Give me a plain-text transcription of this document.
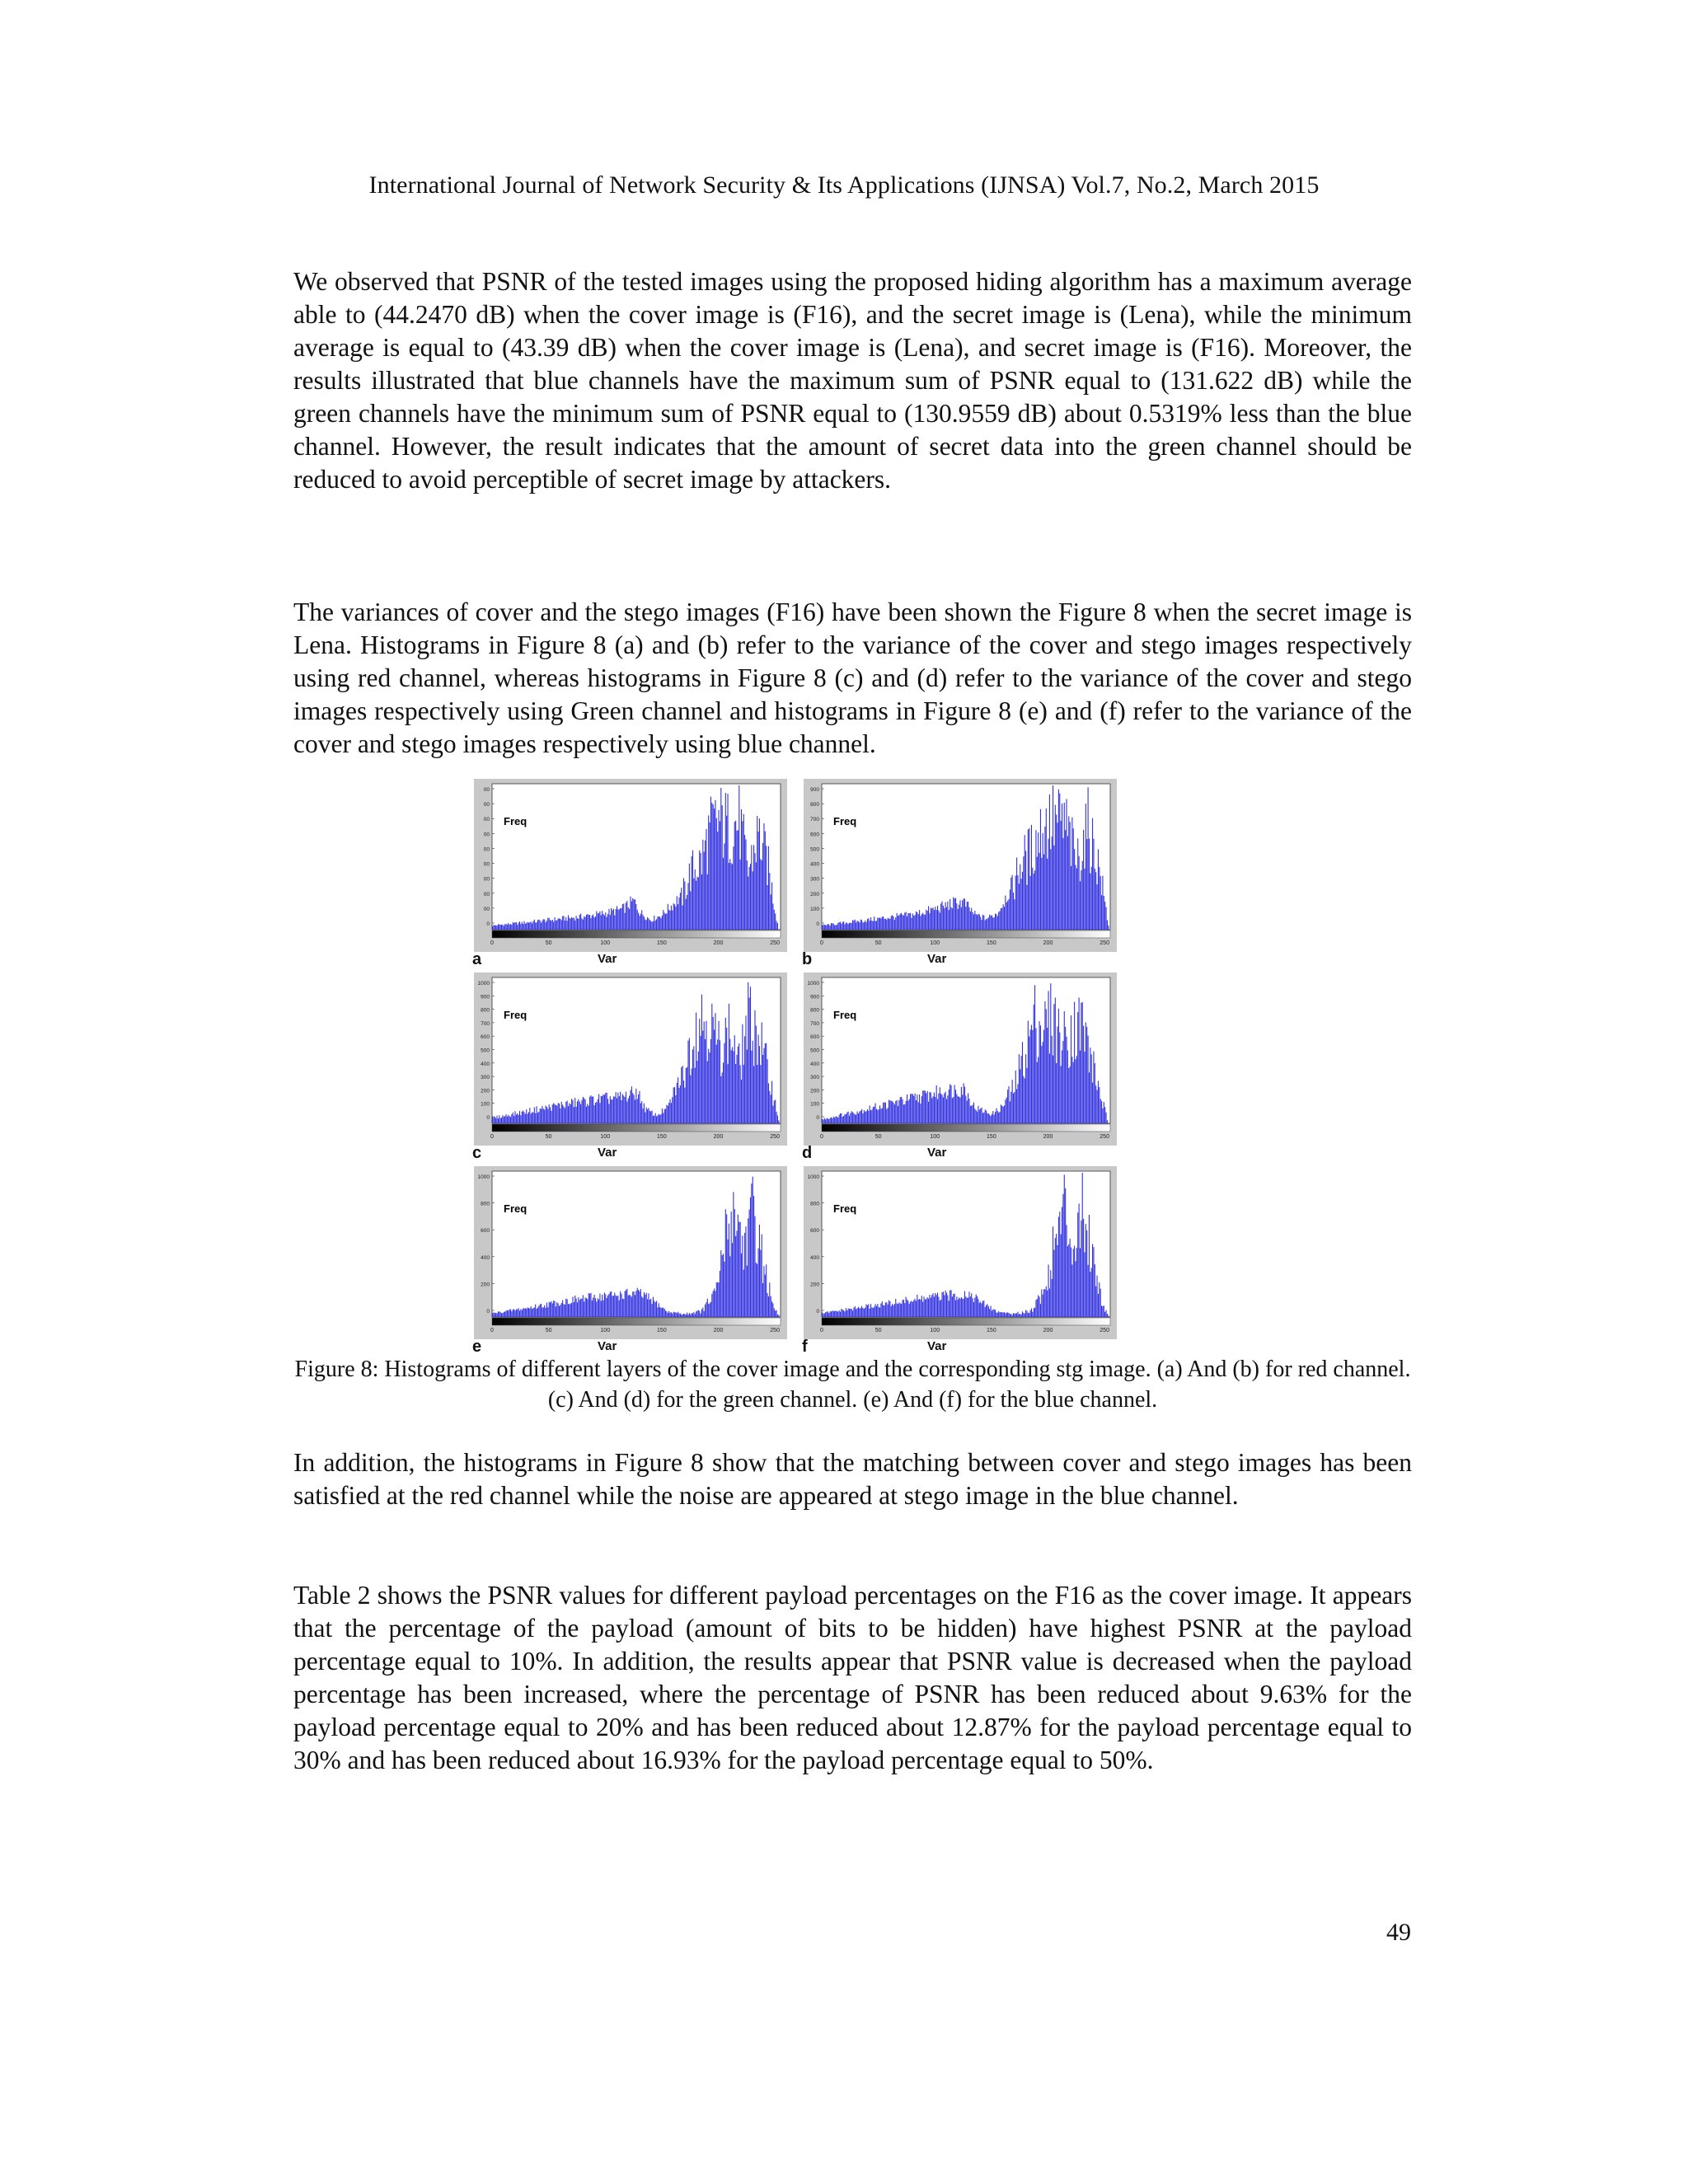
International Journal of Network Security & Its Applications (IJNSA) Vol.7, No.2, March 2015

We observed that PSNR of the tested images using the proposed hiding algorithm has a maximum average able to (44.2470 dB) when the cover image is (F16), and the secret image is (Lena), while the minimum average is equal to (43.39 dB) when the cover image is (Lena), and secret image is (F16). Moreover, the results illustrated that blue channels have the maximum sum of PSNR equal to (131.622 dB) while the green channels have the minimum sum of PSNR equal to (130.9559 dB) about 0.5319% less than the blue channel. However, the result indicates that the amount of secret data into the green channel should be reduced to avoid perceptible of secret image by attackers.

The variances of cover and the stego images (F16) have been shown the Figure 8 when the secret image is Lena. Histograms in Figure 8 (a) and (b) refer to the variance of the cover and stego images respectively using red channel, whereas histograms in Figure 8 (c) and (d) refer to the variance of the cover and stego images respectively using Green channel and histograms in Figure 8 (e) and (f) refer to the variance of the cover and stego images respectively using blue channel.

0
00
00
00
00
00
00
00
00
00
0	50	100	150	200	250
Freq
a	Var
0
100
200
300
400
500
600
700
800
900
0	50	100	150	200	250
Freq
b	Var
0
100
200
300
400
500
600
700
800
900
1000
0	50	100	150	200	250
Freq
c	Var
0
100
200
300
400
500
600
700
800
900
1000
0	50	100	150	200	250
Freq
d	Var
0
200
400
600
800
1000
0	50	100	150	200	250
Freq
e	Var
0
200
400
600
800
1000
0	50	100	150	200	250
Freq
f	Var

Figure 8: Histograms of different layers of the cover image and the corresponding stg image. (a) And (b) for red channel. (c) And (d) for the green channel. (e) And (f) for the blue channel.

In addition, the histograms in Figure 8 show that the matching between cover and stego images has been satisfied at the red channel while the noise are appeared at stego image in the blue channel.

Table 2 shows the PSNR values for different payload percentages on the F16 as the cover image. It appears that the percentage of the payload (amount of bits to be hidden) have highest PSNR at the payload percentage equal to 10%. In addition, the results appear that PSNR value is decreased when the payload percentage has been increased, where the percentage of PSNR has been reduced about 9.63% for the payload percentage equal to 20% and has been reduced about 12.87% for the payload percentage equal to 30% and has been reduced about 16.93% for the payload percentage equal to 50%.

49
